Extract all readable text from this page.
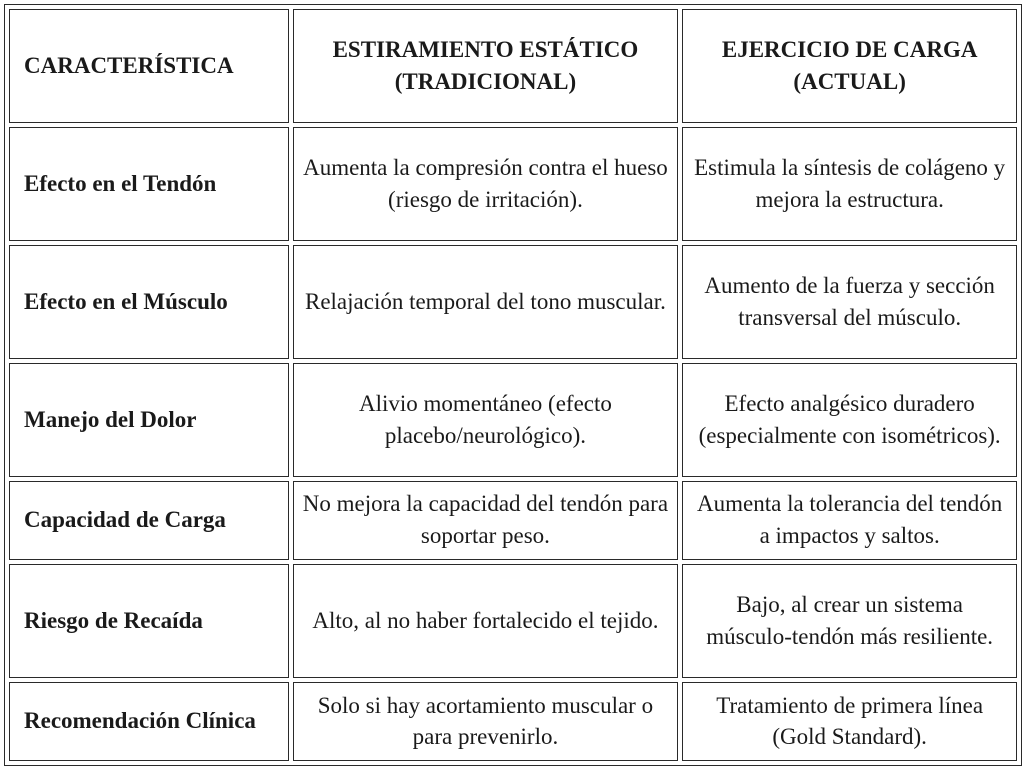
CARACTERÍSTICA	ESTIRAMIENTO ESTÁTICO (TRADICIONAL)	EJERCICIO DE CARGA (ACTUAL)
Efecto en el Tendón	Aumenta la compresión contra el hueso (riesgo de irritación).	Estimula la síntesis de colágeno y mejora la estructura.
Efecto en el Músculo	Relajación temporal del tono muscular.	Aumento de la fuerza y sección transversal del músculo.
Manejo del Dolor	Alivio momentáneo (efecto placebo/neurológico).	Efecto analgésico duradero (especialmente con isométricos).
Capacidad de Carga	No mejora la capacidad del tendón para soportar peso.	Aumenta la tolerancia del tendón a impactos y saltos.
Riesgo de Recaída	Alto, al no haber fortalecido el tejido.	Bajo, al crear un sistema músculo-tendón más resiliente.
Recomendación Clínica	Solo si hay acortamiento muscular o para prevenirlo.	Tratamiento de primera línea (Gold Standard).
